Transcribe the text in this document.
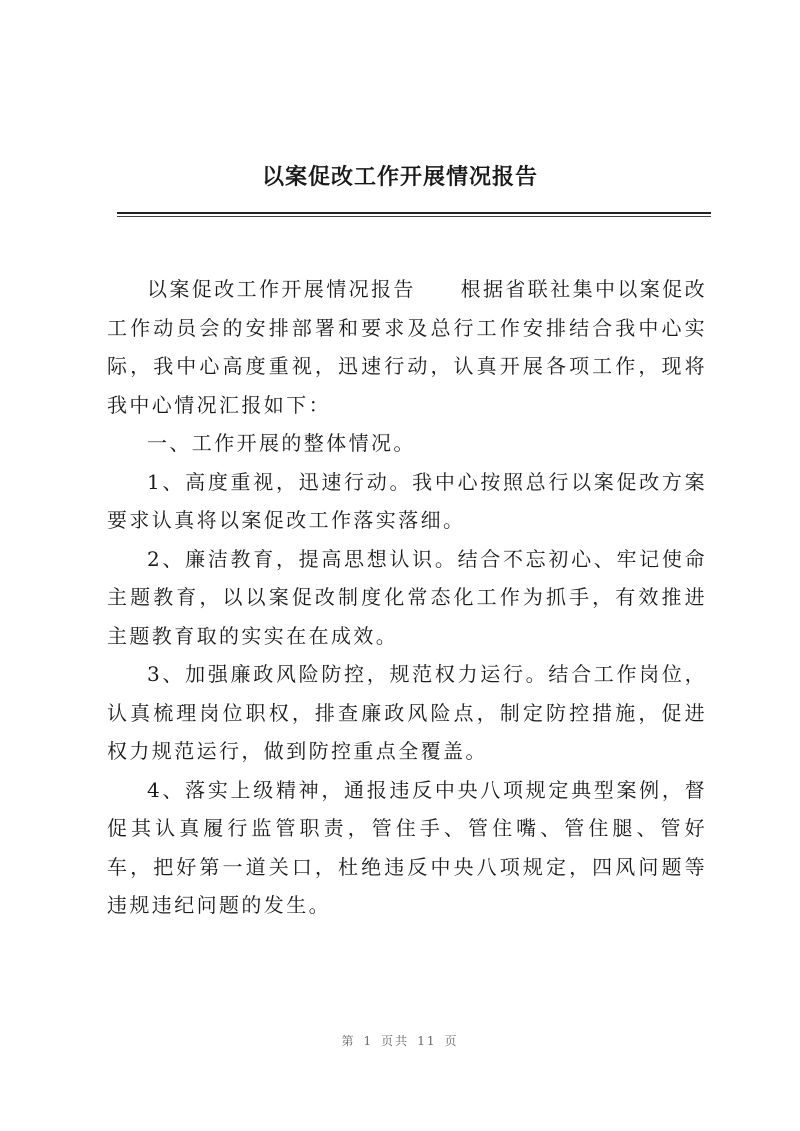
以案促改工作开展情况报告

以案促改工作开展情况报告　　根据省联社集中以案促改工作动员会的安排部署和要求及总行工作安排结合我中心实际，我中心高度重视，迅速行动，认真开展各项工作，现将我中心情况汇报如下：

一、工作开展的整体情况。

1、高度重视，迅速行动。我中心按照总行以案促改方案要求认真将以案促改工作落实落细。

2、廉洁教育，提高思想认识。结合不忘初心、牢记使命主题教育，以以案促改制度化常态化工作为抓手，有效推进主题教育取的实实在在成效。

3、加强廉政风险防控，规范权力运行。结合工作岗位，认真梳理岗位职权，排查廉政风险点，制定防控措施，促进权力规范运行，做到防控重点全覆盖。

4、落实上级精神，通报违反中央八项规定典型案例，督促其认真履行监管职责，管住手、管住嘴、管住腿、管好车，把好第一道关口，杜绝违反中央八项规定，四风问题等违规违纪问题的发生。

第 1 页共 11 页
